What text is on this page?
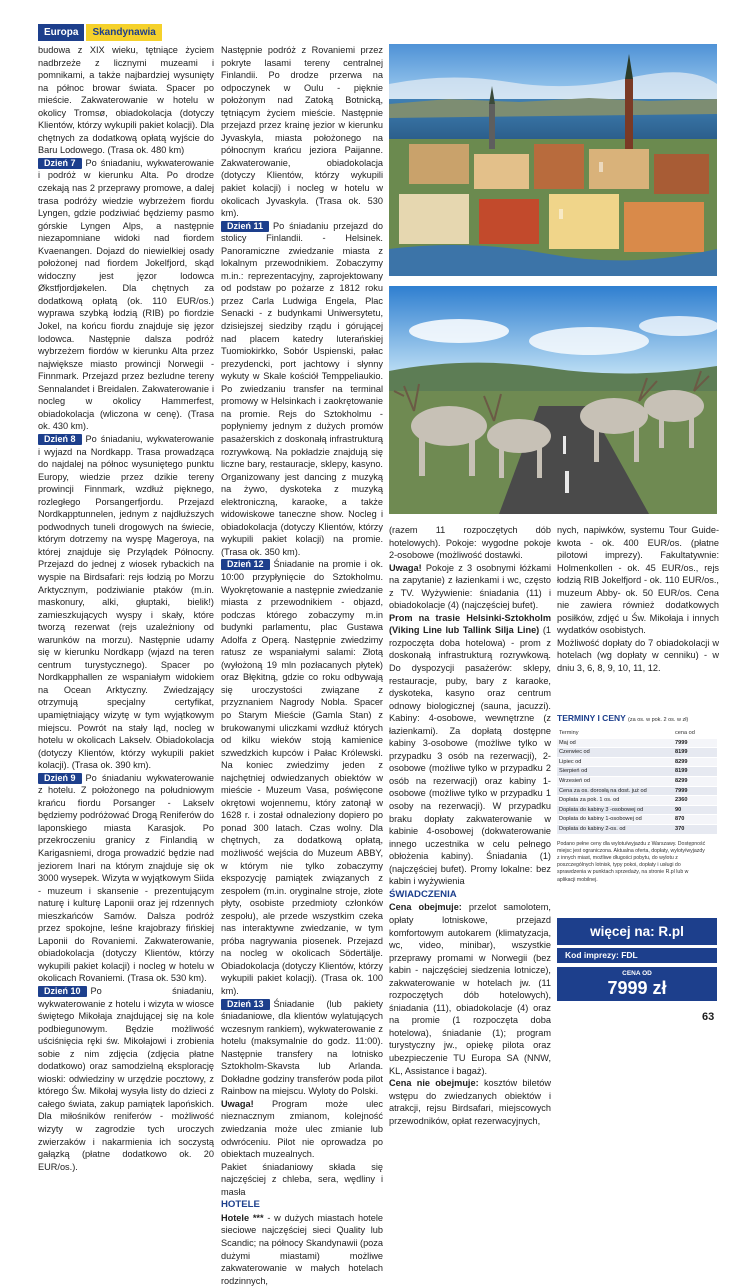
Europa	Skandynawia

budowa z XIX wieku, tętniące życiem nadbrzeże z licznymi muzeami i pomnikami, a także najbardziej wysunięty na północ browar świata. Spacer po mieście. Zakwaterowanie w hotelu w okolicy Tromsø, obiadokolacja (dotyczy Klientów, którzy wykupili pakiet kolacji). Dla chętnych za dodatkową opłatą wyjście do Baru Lodowego. (Trasa ok. 480 km)

Dzień 7 Po śniadaniu, wykwaterowanie i podróż w kierunku Alta. Po drodze czekają nas 2 przeprawy promowe, a dalej trasa podróży wiedzie wybrzeżem fiordu Lyngen, gdzie podziwiać będziemy pasmo górskie Lyngen Alps, a następnie niezapomniane widoki nad fiordem Kvaenangen. Dojazd do niewielkiej osady położonej nad fiordem Jokelfjord, skąd widoczny jest jęzor lodowca Økstfjordjøkelen. Dla chętnych za dodatkową opłatą (ok. 110 EUR/os.) wyprawa szybką łodzią (RIB) po fiordzie Jokel, na końcu fiordu znajduje się jęzor lodowca. Następnie dalsza podróż wybrzeżem fiordów w kierunku Alta przez największe miasto prowincji Norwegii - Finnmark. Przejazd przez bezludne tereny Sennalandet i Breidalen. Zakwaterowanie i nocleg w okolicy Hammerfest, obiadokolacja (wliczona w cenę). (Trasa ok. 430 km).

Dzień 8 Po śniadaniu, wykwaterowanie i wyjazd na Nordkapp. Trasa prowadząca do najdalej na północ wysuniętego punktu Europy, wiedzie przez dzikie tereny prowincji Finnmark, wzdłuż pięknego, rozległego Porsangerfjordu. Przejazd Nordkapptunnelen, jednym z najdłuższych podwodnych tuneli drogowych na świecie, którym dotrzemy na wyspę Mageroya, na której znajduje się Przylądek Północny. Przejazd do jednej z wiosek rybackich na wyspie na Birdsafari: rejs łodzią po Morzu Arktycznym, podziwianie ptaków (m.in. maskonury, alki, głuptaki, bielik!) zamieszkujących wyspy i skały, które tworzą rezerwat (rejs uzależniony od warunków na morzu). Następnie udamy się w kierunku Nordkapp (wjazd na teren centrum turystycznego). Spacer po Nordkapphallen ze wspaniałym widokiem na Ocean Arktyczny. Zwiedzający otrzymują specjalny certyfikat, upamiętniający wizytę w tym wyjątkowym miejscu. Powrót na stały ląd, nocleg w hotelu w okolicach Lakselv. Obiadokolacja (dotyczy Klientów, którzy wykupili pakiet kolacji). (Trasa ok. 390 km).

Dzień 9 Po śniadaniu wykwaterowanie z hotelu. Z położonego na południowym krańcu fiordu Porsanger - Lakselv będziemy podróżować Drogą Reniferów do laponskiego miasta Karasjok. Po przekroczeniu granicy z Finlandią w Karigasniemi, droga prowadzić będzie nad jeziorem Inari na którym znajduje się ok 3000 wysepek. Wizyta w wyjątkowym Siida - muzeum i skansenie - prezentującym naturę i kulturę Laponii oraz jej rdzennych mieszkańców Samów. Dalsza podróż przez spokojne, leśne krajobrazy fińskiej Laponii do Rovaniemi. Zakwaterowanie, obiadokolacja (dotyczy Klientów, którzy wykupili pakiet kolacji) i nocleg w hotelu w okolicach Rovaniemi. (Trasa ok. 530 km).

Dzień 10 Po śniadaniu, wykwaterowanie z hotelu i wizyta w wiosce świętego Mikołaja znajdującej się na kole podbiegunowym. Będzie możliwość uściśnięcia ręki św. Mikołajowi i zrobienia sobie z nim zdjęcia (zdjęcia płatne dodatkowo) oraz samodzielną eksplorację wioski: odwiedziny w urzędzie pocztowy, z którego Św. Mikołaj wysyła listy do dzieci z całego świata, zakup pamiątek lapońskich. Dla miłośników reniferów - możliwość wizyty w zagrodzie tych uroczych zwierzaków i nakarmienia ich soczystą gałązką (płatne dodatkowo ok. 20 EUR/os.).

Następnie podróż z Rovaniemi przez pokryte lasami tereny centralnej Finlandii. Po drodze przerwa na odpoczynek w Oulu - pięknie położonym nad Zatoką Botnicką, tętniącym życiem mieście. Następnie przejazd przez krainę jezior w kierunku Jyvaskyla, miasta położonego na północnym krańcu jeziora Paijanne. Zakwaterowanie, obiadokolacja (dotyczy Klientów, którzy wykupili pakiet kolacji) i nocleg w hotelu w okolicach Jyvaskyla. (Trasa ok. 530 km).

Dzień 11 Po śniadaniu przejazd do stolicy Finlandii. - Helsinek. Panoramiczne zwiedzanie miasta z lokalnym przewodnikiem. Zobaczymy m.in.: reprezentacyjny, zaprojektowany od podstaw po pożarze z 1812 roku przez Carla Ludwiga Engela, Plac Senacki - z budynkami Uniwersytetu, dzisiejszej siedziby rządu i górującej nad placem katedry luterańskiej Tuomiokirkko, Sobór Uspienski, pałac prezydencki, port jachtowy i słynny wykuty w Skale kościół Temppeliaukio. Po zwiedzaniu transfer na terminal promowy w Helsinkach i zaokrętowanie na promie. Rejs do Sztokholmu - popłyniemy jednym z dużych promów pasażerskich z doskonałą infrastrukturą rozrywkową. Na pokładzie znajdują się liczne bary, restauracje, sklepy, kasyno. Organizowany jest dancing z muzyką na żywo, dyskoteka z muzyką elektroniczną, karaoke, a także widowiskowe taneczne show. Nocleg i obiadokolacja (dotyczy Klientów, którzy wykupili pakiet kolacji) na promie. (Trasa ok. 350 km).

Dzień 12 Śniadanie na promie i ok. 10:00 przypłynięcie do Sztokholmu. Wyokrętowanie a następnie zwiedzanie miasta z przewodnikiem - objazd, podczas którego zobaczymy m.in budynki parlamentu, plac Gustawa Adolfa z Operą. Następnie zwiedzimy ratusz ze wspaniałymi salami: Złotą (wyłożoną 19 mln pozłacanych płytek) oraz Błękitną, gdzie co roku odbywają się uroczystości związane z przyznaniem Nagrody Nobla. Spacer po Starym Mieście (Gamla Stan) z brukowanymi uliczkami wzdłuż których od kilku wieków stoją kamienice szwedzkich kupców i Pałac Królewski. Na koniec zwiedzimy jeden z najchętniej odwiedzanych obiektów w mieście - Muzeum Vasa, poświęcone okrętowi wojennemu, który zatonął w 1628 r. i został odnaleziony dopiero po ponad 300 latach. Czas wolny. Dla chętnych, za dodatkową opłatą, możliwość wejścia do Muzeum ABBY, w którym nie tylko zobaczymy ekspozycję pamiątek związanych z zespołem (m.in. oryginalne stroje, złote płyty, osobiste przedmioty członków zespołu), ale przede wszystkim czeka nas interaktywne zwiedzanie, w tym próba nagrywania piosenek. Przejazd na nocleg w okolicach Södertälje. Obiadokolacja (dotyczy Klientów, którzy wykupili pakiet kolacji). (Trasa ok. 100 km).

Dzień 13 Śniadanie (lub pakiety śniadaniowe, dla klientów wylatujących wczesnym rankiem), wykwaterowanie z hotelu (maksymalnie do godz. 11:00). Następnie transfery na lotnisko Sztokholm-Skavsta lub Arlanda. Dokładne godziny transferów poda pilot Rainbow na miejscu. Wyloty do Polski.

Uwaga! Program może ulec nieznacznym zmianom, kolejność zwiedzania może ulec zmianie lub odwróceniu. Pilot nie oprowadza po obiektach muzealnych.

Pakiet śniadaniowy składa się najczęściej z chleba, sera, wędliny i masła

HOTELE

Hotele *** - w dużych miastach hotele sieciowe najczęściej sieci Quality lub Scandic; na północy Skandynawii (poza dużymi miastami) możliwe zakwaterowanie w małych hotelach rodzinnych,

(razem 11 rozpoczętych dób hotelowych). Pokoje: wygodne pokoje 2-osobowe (możliwość dostawki.

Uwaga! Pokoje z 3 osobnymi łóżkami na zapytanie) z łazienkami i wc, często z TV. Wyżywienie: śniadania (11) i obiadokolacje (4) (najczęściej bufet).

Prom na trasie Helsinki-Sztokholm (Viking Line lub Tallink Silja Line) (1 rozpoczęta doba hotelowa) - prom z doskonałą infrastrukturą rozrywkową. Do dyspozycji pasażerów: sklepy, restauracje, puby, bary z karaoke, dyskoteka, kasyno oraz centrum odnowy biologicznej (sauna, jacuzzi). Kabiny: 4-osobowe, wewnętrzne (z łazienkami). Za dopłatą dostępne kabiny 3-osobowe (możliwe tylko w przypadku 3 osób na rezerwacji), 2-osobowe (możliwe tylko w przypadku 2 osób na rezerwacji) oraz kabiny 1-osobowe (możliwe tylko w przypadku 1 osoby na rezerwacji). W przypadku braku dopłaty zakwaterowanie w kabinie 4-osobowej (dokwaterowanie innego uczestnika w celu pełnego obłożenia kabiny). Śniadania (1) (najczęściej bufet). Promy lokalne: bez kabin i wyżywienia

ŚWIADCZENIA

Cena obejmuje: przelot samolotem, opłaty lotniskowe, przejazd komfortowym autokarem (klimatyzacja, wc, video, minibar), wszystkie przeprawy promami w Norwegii (bez kabin - najczęściej siedzenia lotnicze), zakwaterowanie w hotelach jw. (11 rozpoczętych dób hotelowych), śniadania (11), obiadokolacje (4) oraz na promie (1 rozpoczęta doba hotelowa), śniadanie (1); program turystyczny jw., opiekę pilota oraz ubezpieczenie TU Europa SA (NNW, KL, Assistance i bagaż).

Cena nie obejmuje: kosztów biletów wstępu do zwiedzanych obiektów i atrakcji, rejsu Birdsafari, miejscowych przewodników, opłat rezerwacyjnych,

nych, napiwków, systemu Tour Guide- kwota - ok. 400 EUR/os. (płatne pilotowi imprezy). Fakultatywnie: Holmenkollen - ok. 45 EUR/os., rejs łodzią RIB Jokelfjord - ok. 110 EUR/os., muzeum Abby- ok. 50 EUR/os. Cena nie zawiera również dodatkowych posiłków, zdjęć u Św. Mikołaja i innych wydatków osobistych.

Możliwość dopłaty do 7 obiadokolacji w hotelach (wg dopłaty w cenniku) - w dniu 3, 6, 8, 9, 10, 11, 12.

TERMINY I CENY (za os. w pok. 2 os. w zł)
Terminy	cena od
Maj od	7999
Czerwiec od	8199
Lipiec od	8299
Sierpień od	8199
Wrzesień od	8299
Cena za os. dorosłą na dost. już od	7999
Dopłata za pok. 1 os. od	2360
Dopłata do kabiny 3 -osobowej od	90
Dopłata do kabiny 1-osobowej od	870
Dopłata do kabiny 2-os. od	370

Podano pełne ceny dla wylotu/wyjazdu z Warszawy. Dostępność miejsc jest ograniczona. Aktualna oferta, dopłaty, wyloty/wyjazdy z innych miast, możliwe długości pobytu, do wylotu z poszczególnych lotnisk, typy pokoi, dopłaty i usługi do sprawdzenia w punktach sprzedaży, na stronie R.pl lub w aplikacji mobilnej.

więcej na: R.pl
Kod imprezy: FDL
CENA OD
7999 zł
63
